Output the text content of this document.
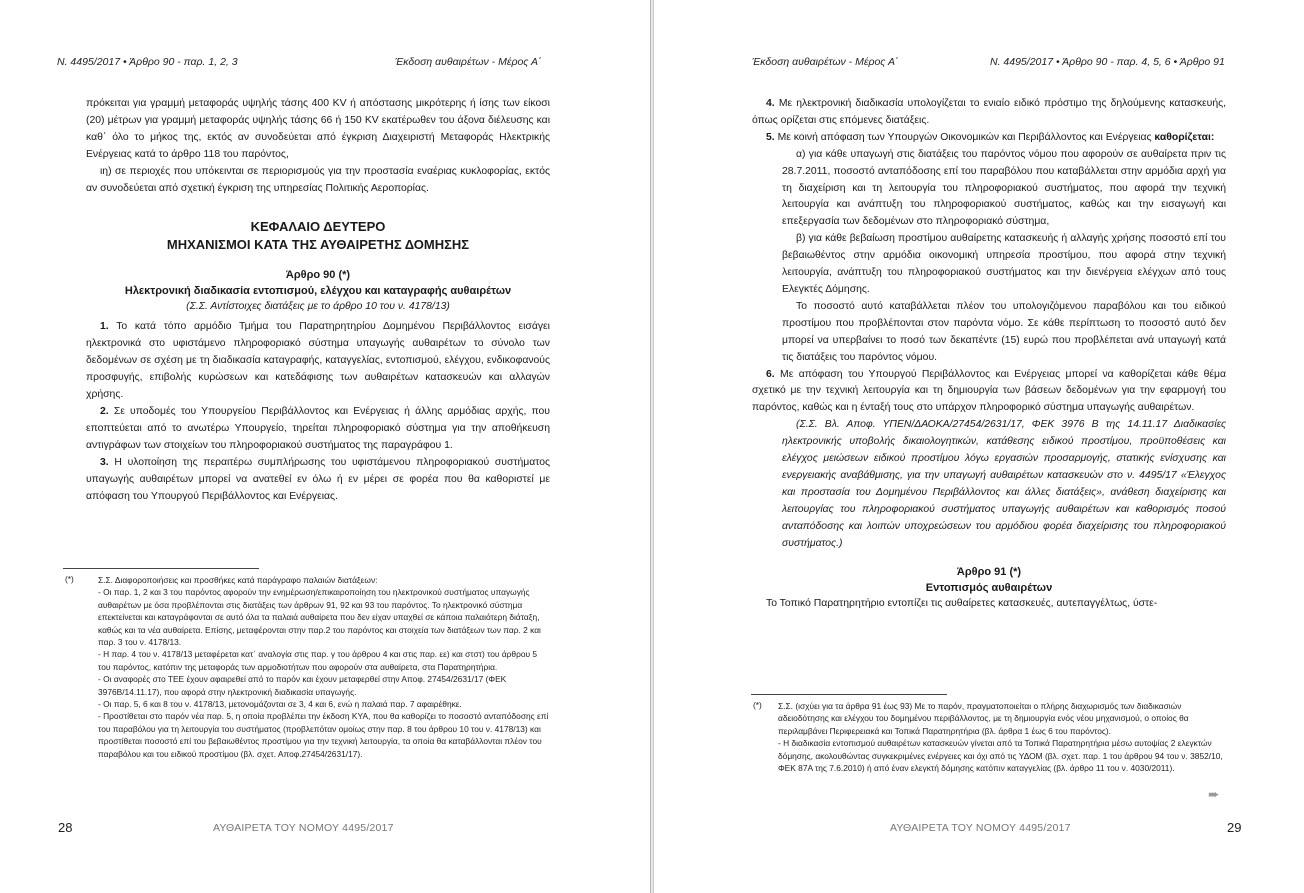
Ν. 4495/2017 • Άρθρο 90 - παρ. 1, 2, 3	Έκδοση αυθαιρέτων - Μέρος Α΄

πρόκειται για γραμμή μεταφοράς υψηλής τάσης 400 KV ή απόστασης μικρότερης ή ίσης των είκοσι (20) μέτρων για γραμμή μεταφοράς υψηλής τάσης 66 ή 150 KV εκατέρωθεν του άξονα διέλευσης και καθ΄ όλο το μήκος της, εκτός αν συνοδεύεται από έγκριση Διαχειριστή Μεταφοράς Ηλεκτρικής Ενέργειας κατά το άρθρο 118 του παρόντος,

ιη) σε περιοχές που υπόκεινται σε περιορισμούς για την προστασία εναέριας κυκλοφορίας, εκτός αν συνοδεύεται από σχετική έγκριση της υπηρεσίας Πολιτικής Αεροπορίας.

ΚΕΦΑΛΑΙΟ ΔΕΥΤΕΡΟ

ΜΗΧΑΝΙΣΜΟΙ ΚΑΤΑ ΤΗΣ ΑΥΘΑΙΡΕΤΗΣ ΔΟΜΗΣΗΣ

Άρθρο 90 (*)
Ηλεκτρονική διαδικασία εντοπισμού, ελέγχου και καταγραφής αυθαιρέτων
(Σ.Σ. Αντίστοιχες διατάξεις με το άρθρο 10 του ν. 4178/13)

1. Το κατά τόπο αρμόδιο Τμήμα του Παρατηρητηρίου Δομημένου Περιβάλλοντος εισάγει ηλεκτρονικά στο υφιστάμενο πληροφοριακό σύστημα υπαγωγής αυθαιρέτων το σύνολο των δεδομένων σε σχέση με τη διαδικασία καταγραφής, καταγγελίας, εντοπισμού, ελέγχου, ενδικοφανούς προσφυγής, επιβολής κυρώσεων και κατεδάφισης των αυθαιρέτων κατασκευών και αλλαγών χρήσης.

2. Σε υποδομές του Υπουργείου Περιβάλλοντος και Ενέργειας ή άλλης αρμόδιας αρχής, που εποπτεύεται από το ανωτέρω Υπουργείο, τηρείται πληροφοριακό σύστημα για την αποθήκευση αντιγράφων των στοιχείων του πληροφοριακού συστήματος της παραγράφου 1.

3. Η υλοποίηση της περαιτέρω συμπλήρωσης του υφιστάμενου πληροφοριακού συστήματος υπαγωγής αυθαιρέτων μπορεί να ανατεθεί εν όλω ή εν μέρει σε φορέα που θα καθοριστεί με απόφαση του Υπουργού Περιβάλλοντος και Ενέργειας.

(*)	Σ.Σ. Διαφοροποιήσεις και προσθήκες κατά παράγραφο παλαιών διατάξεων:

- Οι παρ. 1, 2 και 3 του παρόντος αφορούν την ενημέρωση/επικαιροποίηση του ηλεκτρονικού συστήματος υπαγωγής αυθαιρέτων με όσα προβλέπονται στις διατάξεις των άρθρων 91, 92 και 93 του παρόντος. Το ηλεκτρονικό σύστημα επεκτείνεται και καταγράφονται σε αυτό όλα τα παλαιά αυθαίρετα που δεν είχαν υπαχθεί σε κάποια παλαιότερη διάταξη, καθώς και τα νέα αυθαίρετα. Επίσης, μεταφέρονται στην παρ.2 του παρόντος και στοιχεία των διατάξεων των παρ. 2 και παρ. 3 του ν. 4178/13.

- Η παρ. 4 του ν. 4178/13 μεταφέρεται κατ΄ αναλογία στις παρ. γ του άρθρου 4 και στις παρ. εε) και στστ) του άρθρου 5 του παρόντος, κατόπιν της μεταφοράς των αρμοδιοτήτων που αφορούν στα αυθαίρετα, στα Παρατηρητήρια.

- Οι αναφορές στο ΤΕΕ έχουν αφαιρεθεί από το παρόν και έχουν μεταφερθεί στην Αποφ. 27454/2631/17 (ΦΕΚ 3976Β/14.11.17), που αφορά στην ηλεκτρονική διαδικασία υπαγωγής.

- Οι παρ. 5, 6 και 8 του ν. 4178/13, μετονομάζονται σε 3, 4 και 6, ενώ η παλαιά παρ. 7 αφαιρέθηκε.

- Προστίθεται στο παρόν νέα παρ. 5, η οποία προβλέπει την έκδοση ΚΥΑ, που θα καθορίζει το ποσοστό ανταπόδοσης επί του παραβόλου για τη λειτουργία του συστήματος (προβλεπόταν ομοίως στην παρ. 8 του άρθρου 10 του ν. 4178/13) και προστίθεται ποσοστό επί του βεβαιωθέντος προστίμου για την τεχνική λειτουργία, τα οποία θα καταβάλλονται πλέον του παραβόλου και του ειδικού προστίμου (βλ. σχετ. Αποφ.27454/2631/17).

28	ΑΥΘΑΙΡΕΤΑ ΤΟΥ ΝΟΜΟΥ 4495/2017
Έκδοση αυθαιρέτων - Μέρος Α΄	Ν. 4495/2017 • Άρθρο 90 - παρ. 4, 5, 6 • Άρθρο 91

4. Με ηλεκτρονική διαδικασία υπολογίζεται το ενιαίο ειδικό πρόστιμο της δηλούμενης κατασκευής, όπως ορίζεται στις επόμενες διατάξεις.

5. Με κοινή απόφαση των Υπουργών Οικονομικών και Περιβάλλοντος και Ενέργειας καθορίζεται:

α) για κάθε υπαγωγή στις διατάξεις του παρόντος νόμου που αφορούν σε αυθαίρετα πριν τις 28.7.2011, ποσοστό ανταπόδοσης επί του παραβόλου που καταβάλλεται στην αρμόδια αρχή για τη διαχείριση και τη λειτουργία του πληροφοριακού συστήματος, που αφορά την τεχνική λειτουργία και ανάπτυξη του πληροφοριακού συστήματος, καθώς και την εισαγωγή και επεξεργασία των δεδομένων στο πληροφοριακό σύστημα,

β) για κάθε βεβαίωση προστίμου αυθαίρετης κατασκευής ή αλλαγής χρήσης ποσοστό επί του βεβαιωθέντος στην αρμόδια οικονομική υπηρεσία προστίμου, που αφορά στην τεχνική λειτουργία, ανάπτυξη του πληροφοριακού συστήματος και την διενέργεια ελέγχων από τους Ελεγκτές Δόμησης.

Το ποσοστό αυτό καταβάλλεται πλέον του υπολογιζόμενου παραβόλου και του ειδικού προστίμου που προβλέπονται στον παρόντα νόμο. Σε κάθε περίπτωση το ποσοστό αυτό δεν μπορεί να υπερβαίνει το ποσό των δεκαπέντε (15) ευρώ που προβλέπεται ανά υπαγωγή κατά τις διατάξεις του παρόντος νόμου.

6. Με απόφαση του Υπουργού Περιβάλλοντος και Ενέργειας μπορεί να καθορίζεται κάθε θέμα σχετικό με την τεχνική λειτουργία και τη δημιουργία των βάσεων δεδομένων για την εφαρμογή του παρόντος, καθώς και η ένταξή τους στο υπάρχον πληροφορικό σύστημα υπαγωγής αυθαιρέτων.

(Σ.Σ. Βλ. Αποφ. ΥΠΕΝ/ΔΑΟΚΑ/27454/2631/17, ΦΕΚ 3976 Β της 14.11.17 Διαδικασίες ηλεκτρονικής υποβολής δικαιολογητικών, κατάθεσης ειδικού προστίμου, προϋποθέσεις και ελέγχος μειώσεων ειδικού προστίμου λόγω εργασιών προσαρμογής, στατικής ενίσχυσης και ενεργειακής αναβάθμισης, για την υπαγωγή αυθαιρέτων κατασκευών στο ν. 4495/17 «Έλεγχος και προστασία του Δομημένου Περιβάλλοντος και άλλες διατάξεις», ανάθεση διαχείρισης και λειτουργίας του πληροφοριακού συστήματος υπαγωγής αυθαιρέτων και καθορισμός ποσού ανταπόδοσης και λοιπών υποχρεώσεων του αρμόδιου φορέα διαχείρισης του πληροφοριακού συστήματος.)

Άρθρο 91 (*)
Εντοπισμός αυθαιρέτων

Το Τοπικό Παρατηρητήριο εντοπίζει τις αυθαίρετες κατασκευές, αυτεπαγγέλτως, ύστε-

(*) Σ.Σ. (ισχύει για τα άρθρα 91 έως 93) Με το παρόν, πραγματοποιείται ο πλήρης διαχωρισμός των διαδικασιών αδειοδότησης και ελέγχου του δομημένου περιβάλλοντος, με τη δημιουργία ενός νέου μηχανισμού, ο οποίος θα περιλαμβάνει Περιφερειακά και Τοπικά Παρατηρητήρια (βλ. άρθρα 1 έως 6 του παρόντος).

- Η διαδικασία εντοπισμού αυθαιρέτων κατασκευών γίνεται από τα Τοπικά Παρατηρητήρια μέσω αυτοψίας 2 ελεγκτών δόμησης, ακολουθώντας συγκεκριμένες ενέργειες και όχι από τις ΥΔΟΜ (βλ. σχετ. παρ. 1 του άρθρου 94 του ν. 3852/10, ΦΕΚ 87Α της 7.6.2010) ή από έναν ελεγκτή δόμησης κατόπιν καταγγελίας (βλ. άρθρο 11 του ν. 4030/2011).

➨
ΑΥΘΑΙΡΕΤΑ ΤΟΥ ΝΟΜΟΥ 4495/2017	29
